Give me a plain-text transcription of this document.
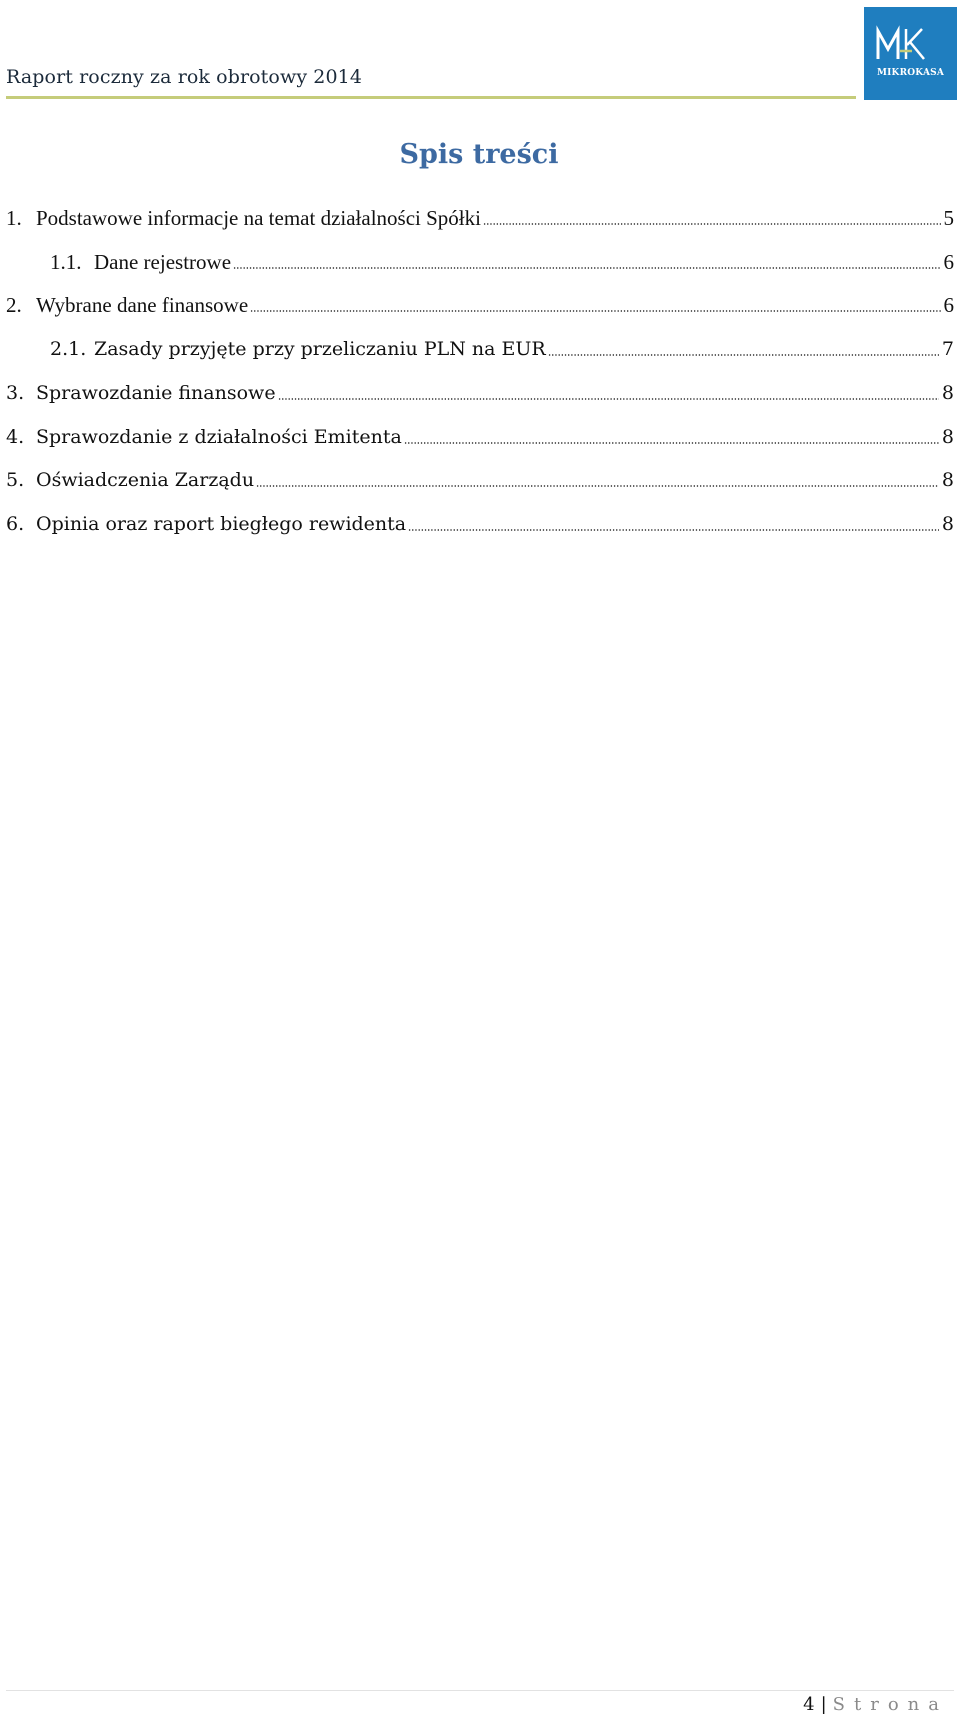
Raport roczny za rok obrotowy 2014	MIKROKASA
Spis treści
1. Podstawowe informacje na temat działalności Spółki	5
1.1. Dane rejestrowe	6
2. Wybrane dane finansowe	6
2.1. Zasady przyjęte przy przeliczaniu PLN na EUR	7
3. Sprawozdanie finansowe	8
4. Sprawozdanie z działalności Emitenta	8
5. Oświadczenia Zarządu	8
6. Opinia oraz raport biegłego rewidenta	8
4 | Strona
